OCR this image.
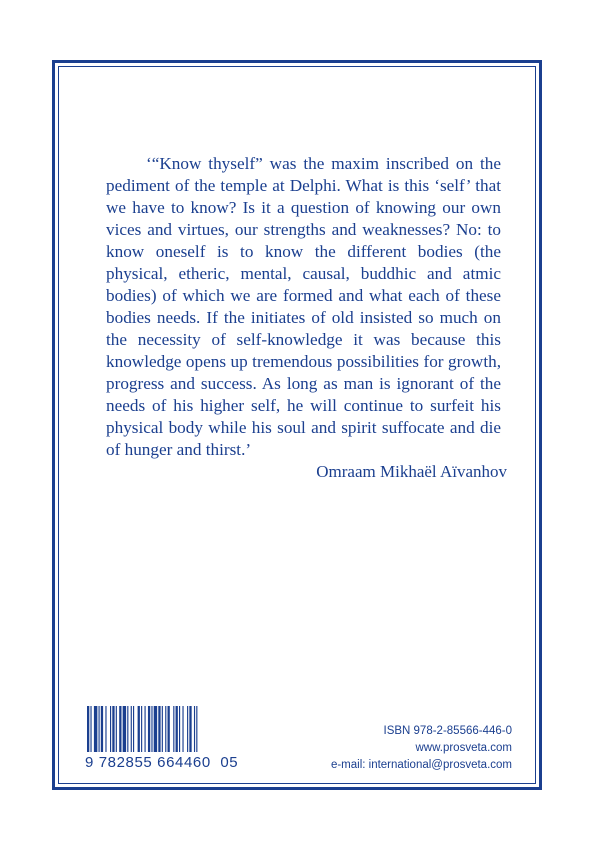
‘“Know thyself” was the maxim inscribed on the pediment of the temple at Delphi. What is this ‘self’ that we have to know? Is it a question of knowing our own vices and virtues, our strengths and weaknesses? No: to know oneself is to know the different bodies (the physical, etheric, mental, causal, buddhic and atmic bodies) of which we are formed and what each of these bodies needs. If the initiates of old insisted so much on the necessity of self-knowledge it was because this knowledge opens up tremendous possibilities for growth, progress and success. As long as man is ignorant of the needs of his higher self, he will continue to surfeit his physical body while his soul and spirit suffocate and die of hunger and thirst.’

Omraam Mikhaël Aïvanhov

9 782855 664460  05
ISBN 978-2-85566-446-0
www.prosveta.com
e-mail: international@prosveta.com
